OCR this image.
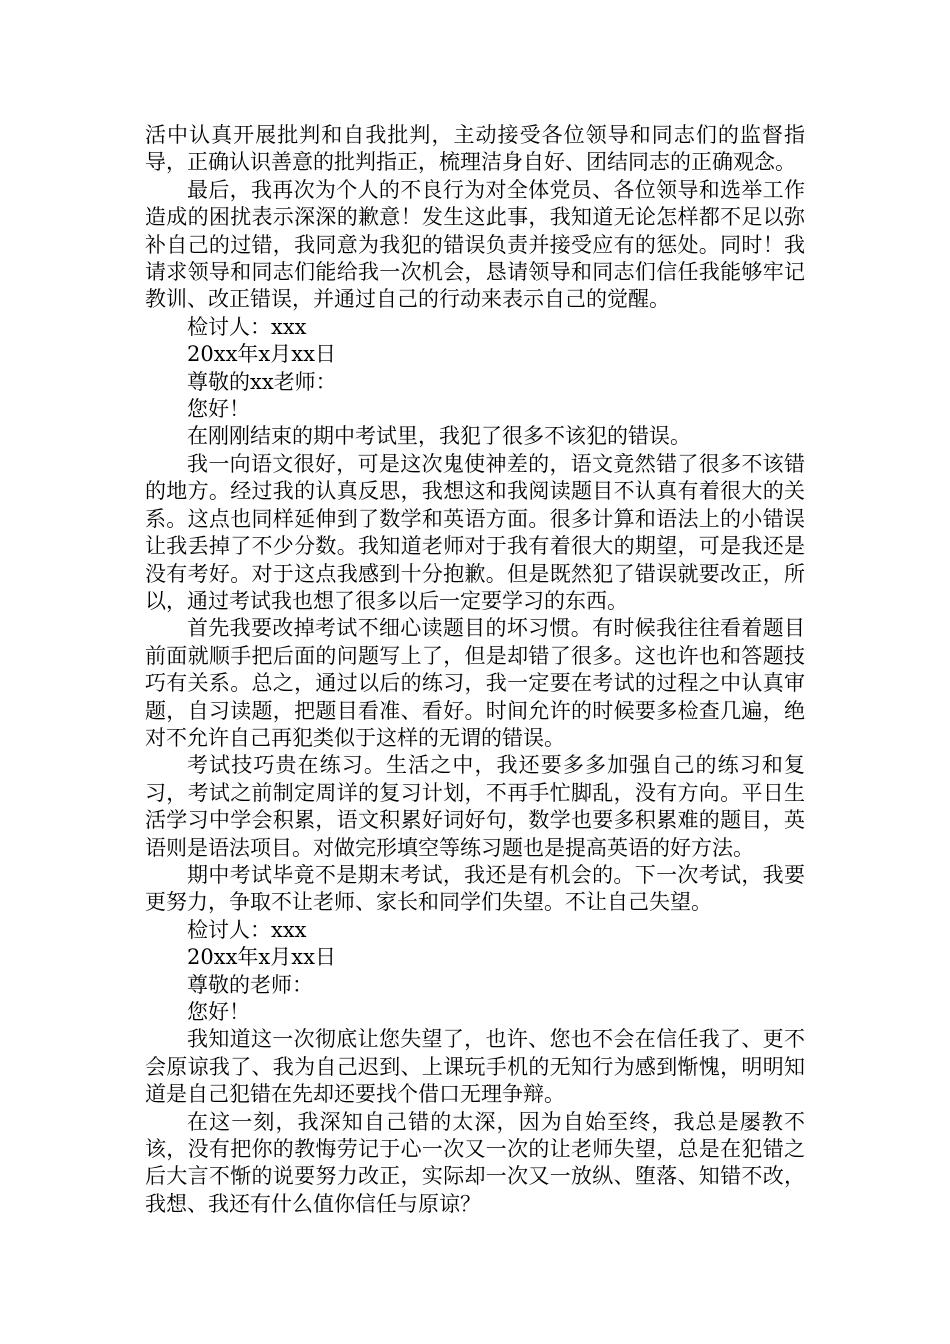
活中认真开展批判和自我批判，主动接受各位领导和同志们的监督指导，正确认识善意的批判指正，梳理洁身自好、团结同志的正确观念。

最后，我再次为个人的不良行为对全体党员、各位领导和选举工作造成的困扰表示深深的歉意！发生这此事，我知道无论怎样都不足以弥补自己的过错，我同意为我犯的错误负责并接受应有的惩处。同时！我请求领导和同志们能给我一次机会，恳请领导和同志们信任我能够牢记教训、改正错误，并通过自己的行动来表示自己的觉醒。

检讨人：xxx

20xx年x月xx日

尊敬的xx老师：

您好！

在刚刚结束的期中考试里，我犯了很多不该犯的错误。

我一向语文很好，可是这次鬼使神差的，语文竟然错了很多不该错的地方。经过我的认真反思，我想这和我阅读题目不认真有着很大的关系。这点也同样延伸到了数学和英语方面。很多计算和语法上的小错误让我丢掉了不少分数。我知道老师对于我有着很大的期望，可是我还是没有考好。对于这点我感到十分抱歉。但是既然犯了错误就要改正，所以，通过考试我也想了很多以后一定要学习的东西。

首先我要改掉考试不细心读题目的坏习惯。有时候我往往看着题目前面就顺手把后面的问题写上了，但是却错了很多。这也许也和答题技巧有关系。总之，通过以后的练习，我一定要在考试的过程之中认真审题，自习读题，把题目看准、看好。时间允许的时候要多检查几遍，绝对不允许自己再犯类似于这样的无谓的错误。

考试技巧贵在练习。生活之中，我还要多多加强自己的练习和复习，考试之前制定周详的复习计划，不再手忙脚乱，没有方向。平日生活学习中学会积累，语文积累好词好句，数学也要多积累难的题目，英语则是语法项目。对做完形填空等练习题也是提高英语的好方法。

期中考试毕竟不是期末考试，我还是有机会的。下一次考试，我要更努力，争取不让老师、家长和同学们失望。不让自己失望。

检讨人：xxx

20xx年x月xx日

尊敬的老师：

您好！

我知道这一次彻底让您失望了，也许、您也不会在信任我了、更不会原谅我了、我为自己迟到、上课玩手机的无知行为感到惭愧，明明知道是自己犯错在先却还要找个借口无理争辩。

在这一刻，我深知自己错的太深，因为自始至终，我总是屡教不该，没有把你的教悔劳记于心一次又一次的让老师失望，总是在犯错之后大言不惭的说要努力改正，实际却一次又一放纵、堕落、知错不改，我想、我还有什么值你信任与原谅？
